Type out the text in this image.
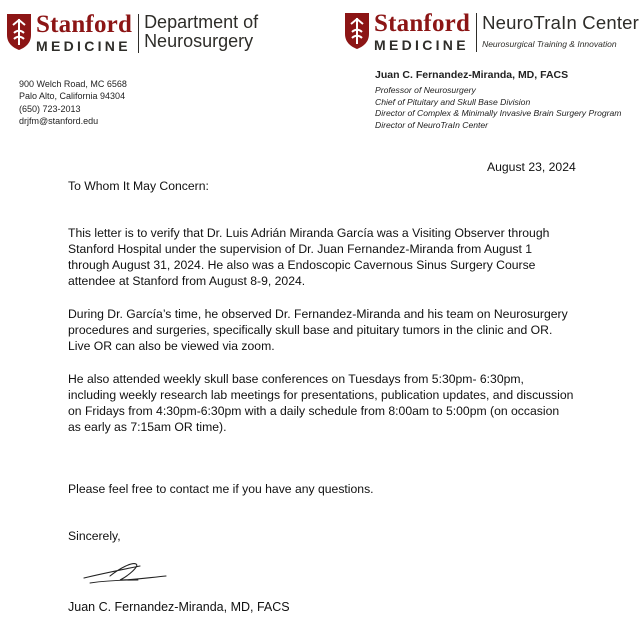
Stanford
MEDICINE
Department of
Neurosurgery
Stanford
MEDICINE
NeuroTraIn Center
Neurosurgical Training & Innovation
900 Welch Road, MC 6568
Palo Alto, California 94304
(650) 723-2013
drjfm@stanford.edu
Juan C. Fernandez-Miranda, MD, FACS
Professor of Neurosurgery
Chief of Pituitary and Skull Base Division
Director of Complex & Minimally Invasive Brain Surgery Program
Director of NeuroTraIn Center
August 23, 2024
To Whom It May Concern:
This letter is to verify that Dr. Luis Adrián Miranda García was a Visiting Observer through Stanford Hospital under the supervision of Dr. Juan Fernandez-Miranda from August 1 through August 31, 2024. He also was a Endoscopic Cavernous Sinus Surgery Course attendee at Stanford from August 8-9, 2024.
During Dr. García’s time, he observed Dr. Fernandez-Miranda and his team on Neurosurgery procedures and surgeries, specifically skull base and pituitary tumors in the clinic and OR. Live OR can also be viewed via zoom.
He also attended weekly skull base conferences on Tuesdays from 5:30pm- 6:30pm, including weekly research lab meetings for presentations, publication updates, and discussion on Fridays from 4:30pm-6:30pm with a daily schedule from 8:00am to 5:00pm (on occasion as early as 7:15am OR time).
Please feel free to contact me if you have any questions.
Sincerely,
Juan C. Fernandez-Miranda, MD, FACS
